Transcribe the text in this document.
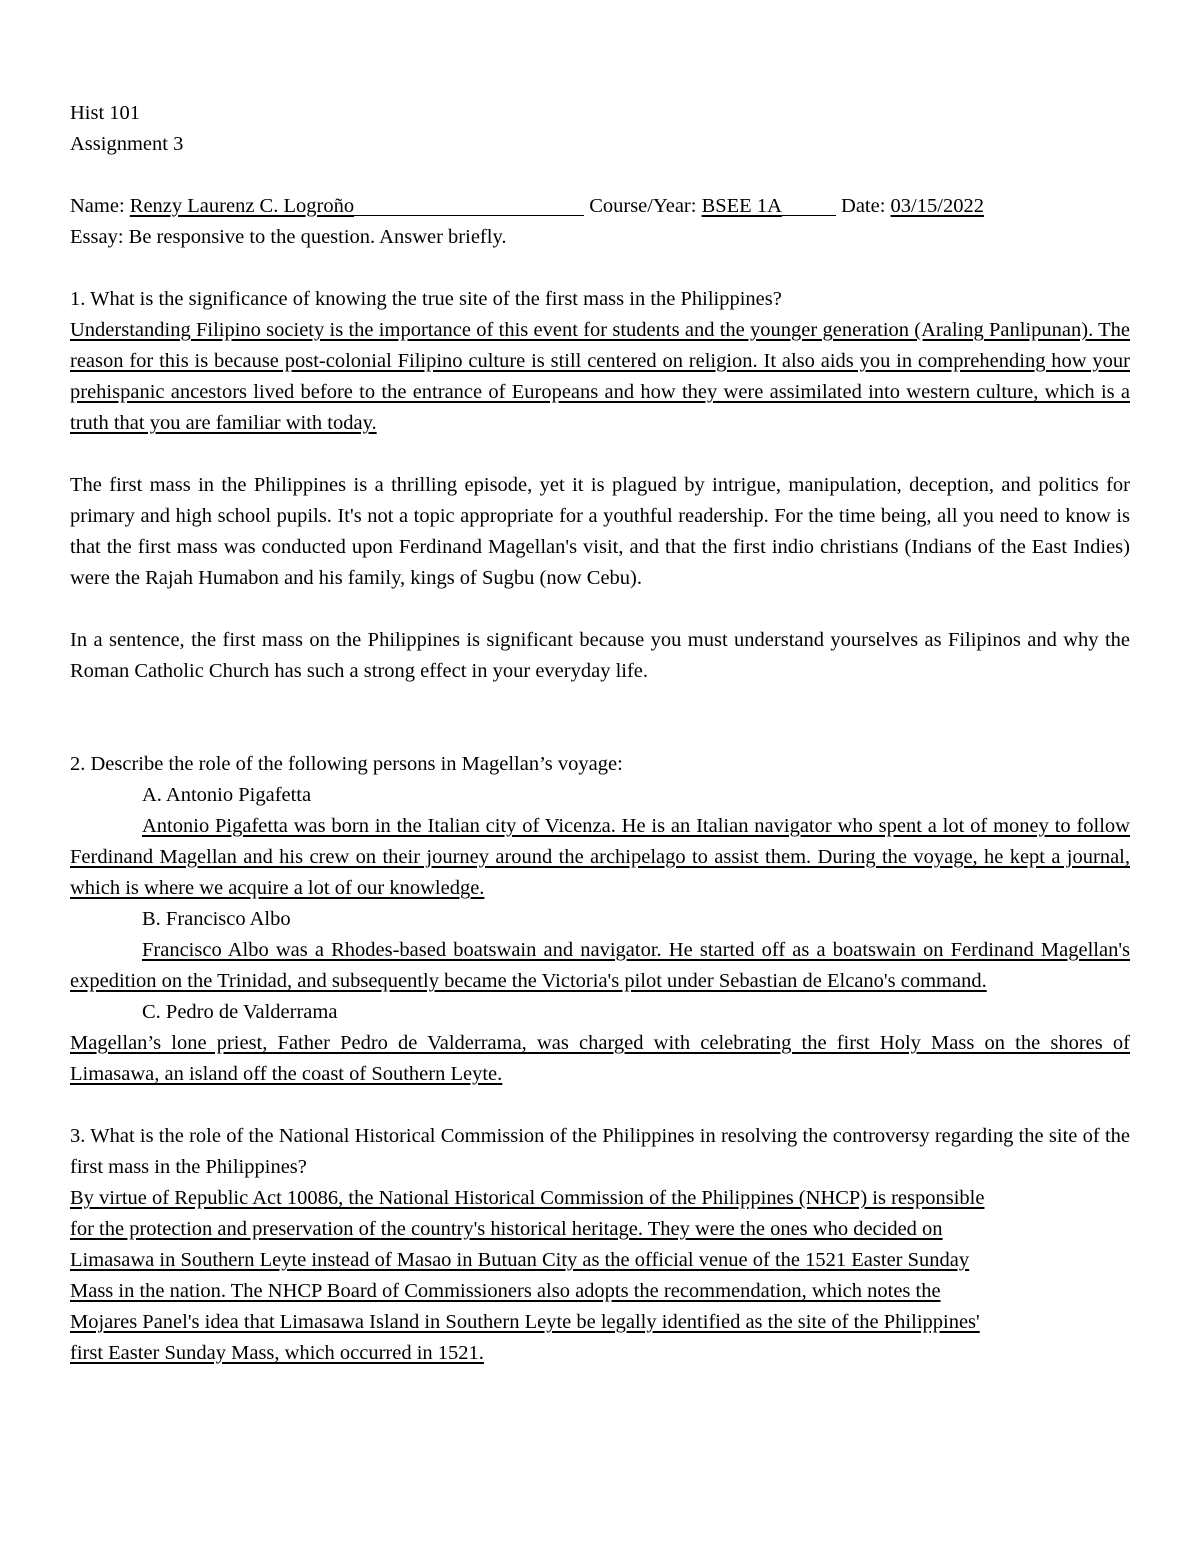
Hist 101
Assignment 3
Name: Renzy Laurenz C. Logroño	Course/Year: BSEE 1A	Date: 03/15/2022
Essay: Be responsive to the question. Answer briefly.
1. What is the significance of knowing the true site of the first mass in the Philippines?

Understanding Filipino society is the importance of this event for students and the younger generation (Araling Panlipunan). The reason for this is because post-colonial Filipino culture is still centered on religion. It also aids you in comprehending how your prehispanic ancestors lived before to the entrance of Europeans and how they were assimilated into western culture, which is a truth that you are familiar with today.

The first mass in the Philippines is a thrilling episode, yet it is plagued by intrigue, manipulation, deception, and politics for primary and high school pupils. It's not a topic appropriate for a youthful readership. For the time being, all you need to know is that the first mass was conducted upon Ferdinand Magellan's visit, and that the first indio christians (Indians of the East Indies) were the Rajah Humabon and his family, kings of Sugbu (now Cebu).

In a sentence, the first mass on the Philippines is significant because you must understand yourselves as Filipinos and why the Roman Catholic Church has such a strong effect in your everyday life.

2. Describe the role of the following persons in Magellan’s voyage:
A. Antonio Pigafetta

Antonio Pigafetta was born in the Italian city of Vicenza. He is an Italian navigator who spent a lot of money to follow Ferdinand Magellan and his crew on their journey around the archipelago to assist them. During the voyage, he kept a journal, which is where we acquire a lot of our knowledge.

B. Francisco Albo

Francisco Albo was a Rhodes-based boatswain and navigator. He started off as a boatswain on Ferdinand Magellan's expedition on the Trinidad, and subsequently became the Victoria's pilot under Sebastian de Elcano's command.

C. Pedro de Valderrama

Magellan’s lone priest, Father Pedro de Valderrama, was charged with celebrating the first Holy Mass on the shores of Limasawa, an island off the coast of Southern Leyte.

3. What is the role of the National Historical Commission of the Philippines in resolving the controversy regarding the site of the first mass in the Philippines?

By virtue of Republic Act 10086, the National Historical Commission of the Philippines (NHCP) is responsible
for the protection and preservation of the country's historical heritage. They were the ones who decided on
Limasawa in Southern Leyte instead of Masao in Butuan City as the official venue of the 1521 Easter Sunday
Mass in the nation. The NHCP Board of Commissioners also adopts the recommendation, which notes the
Mojares Panel's idea that Limasawa Island in Southern Leyte be legally identified as the site of the Philippines'
first Easter Sunday Mass, which occurred in 1521.
